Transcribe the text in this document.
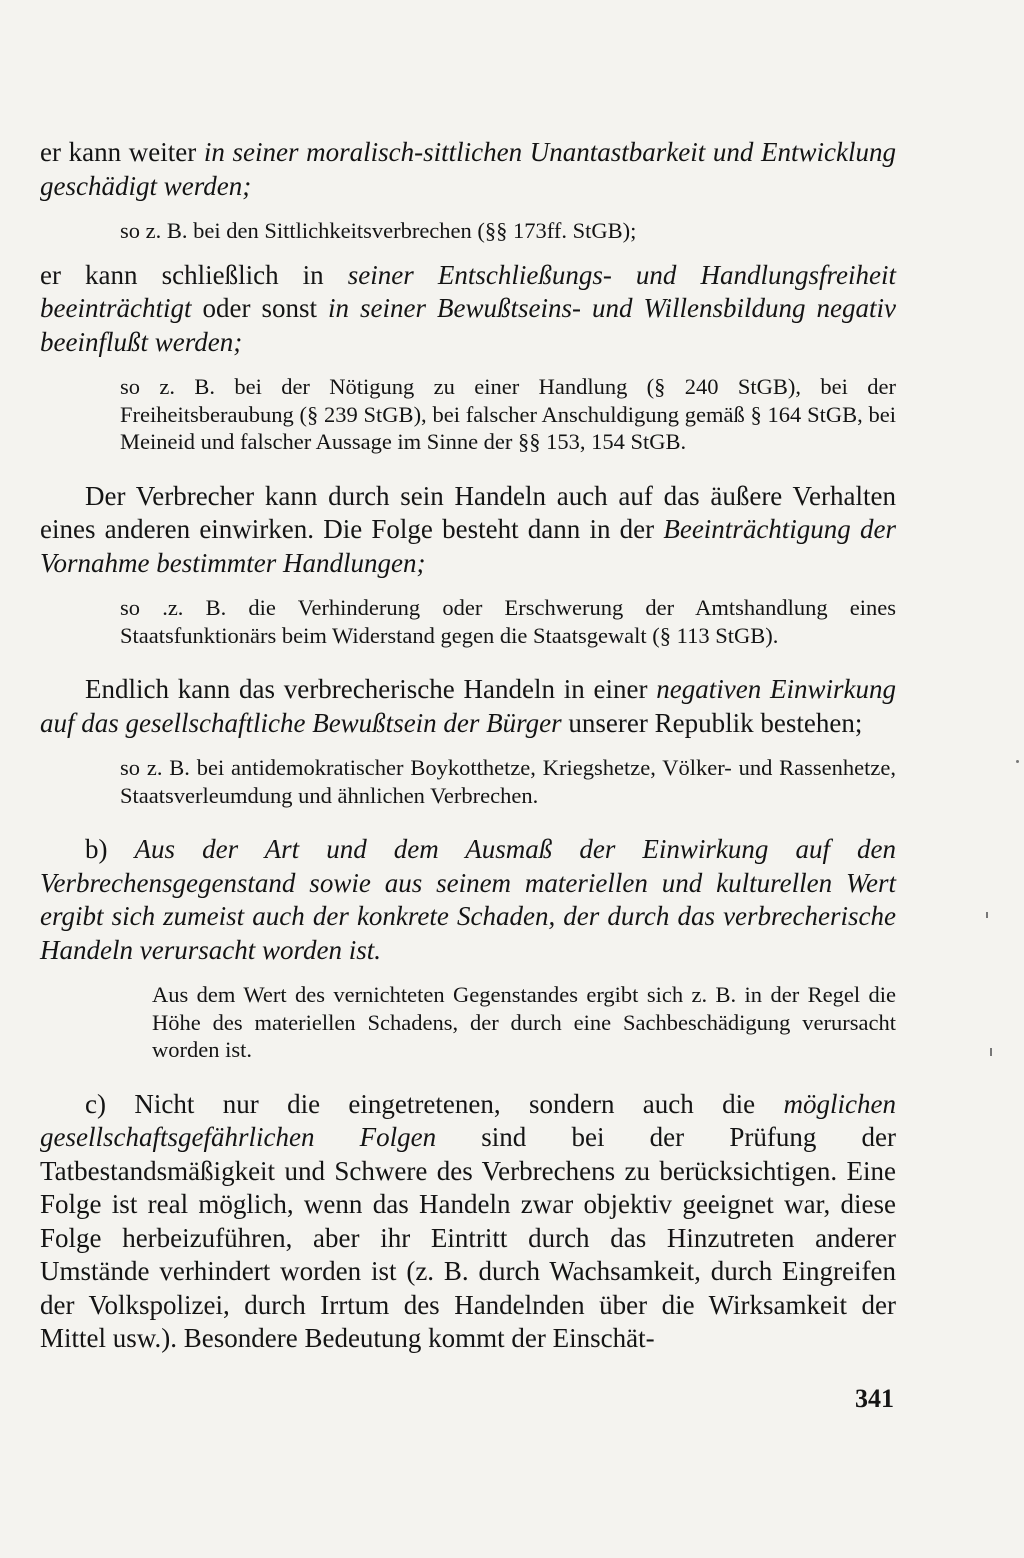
er kann weiter in seiner moralisch-sittlichen Unantastbarkeit und Entwicklung geschädigt werden;

so z. B. bei den Sittlichkeitsverbrechen (§§ 173ff. StGB);

er kann schließlich in seiner Entschließungs- und Handlungsfreiheit beeinträchtigt oder sonst in seiner Bewußtseins- und Willensbildung negativ beeinflußt werden;

so z. B. bei der Nötigung zu einer Handlung (§ 240 StGB), bei der Freiheitsberaubung (§ 239 StGB), bei falscher Anschuldigung gemäß § 164 StGB, bei Meineid und falscher Aussage im Sinne der §§ 153, 154 StGB.

Der Verbrecher kann durch sein Handeln auch auf das äußere Verhalten eines anderen einwirken. Die Folge besteht dann in der Beeinträchtigung der Vornahme bestimmter Handlungen;

so .z. B. die Verhinderung oder Erschwerung der Amtshandlung eines Staatsfunktionärs beim Widerstand gegen die Staatsgewalt (§ 113 StGB).

Endlich kann das verbrecherische Handeln in einer negativen Einwirkung auf das gesellschaftliche Bewußtsein der Bürger unserer Republik bestehen;

so z. B. bei antidemokratischer Boykotthetze, Kriegshetze, Völker- und Rassenhetze, Staatsverleumdung und ähnlichen Verbrechen.

b) Aus der Art und dem Ausmaß der Einwirkung auf den Verbrechensgegenstand sowie aus seinem materiellen und kulturellen Wert ergibt sich zumeist auch der konkrete Schaden, der durch das verbrecherische Handeln verursacht worden ist.

Aus dem Wert des vernichteten Gegenstandes ergibt sich z. B. in der Regel die Höhe des materiellen Schadens, der durch eine Sachbeschädigung verursacht worden ist.

c) Nicht nur die eingetretenen, sondern auch die möglichen gesellschaftsgefährlichen Folgen sind bei der Prüfung der Tatbestandsmäßigkeit und Schwere des Verbrechens zu berücksichtigen. Eine Folge ist real möglich, wenn das Handeln zwar objektiv geeignet war, diese Folge herbeizuführen, aber ihr Eintritt durch das Hinzutreten anderer Umstände verhindert worden ist (z. B. durch Wachsamkeit, durch Eingreifen der Volkspolizei, durch Irrtum des Handelnden über die Wirksamkeit der Mittel usw.). Besondere Bedeutung kommt der Einschät-

341
